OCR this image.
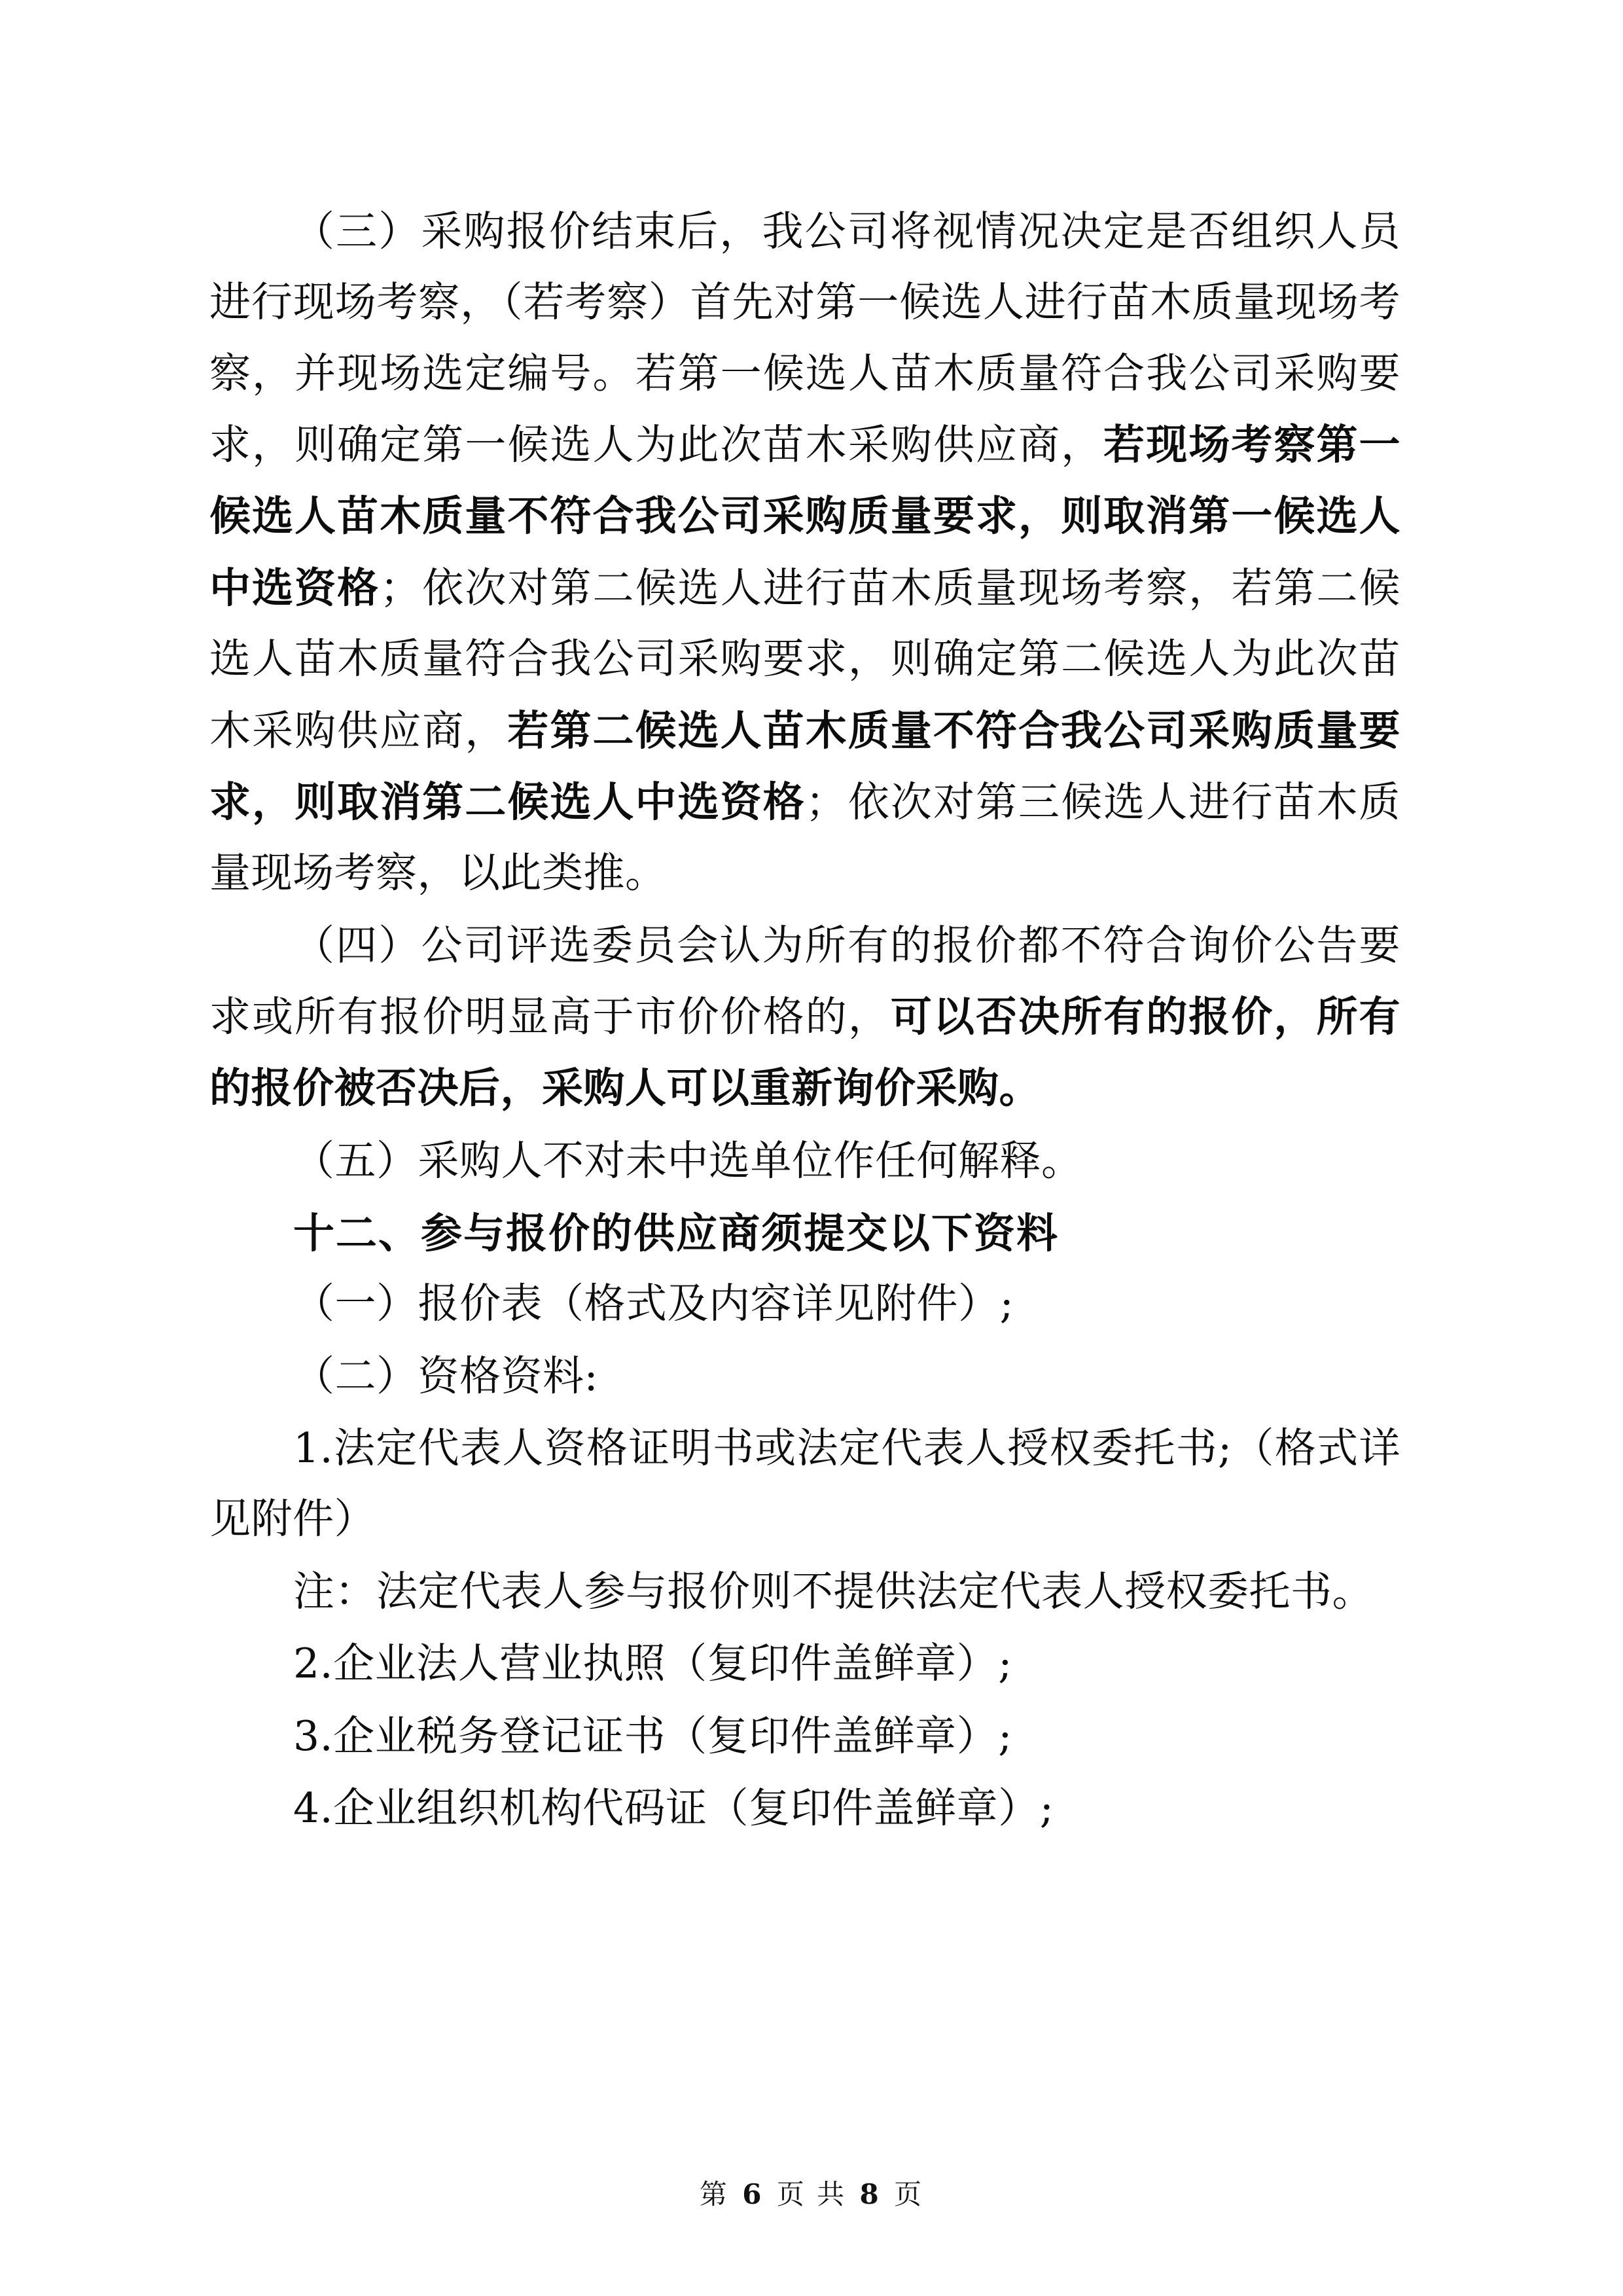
（三）采购报价结束后，我公司将视情况决定是否组织人员进行现场考察，（若考察）首先对第一候选人进行苗木质量现场考察，并现场选定编号。若第一候选人苗木质量符合我公司采购要求，则确定第一候选人为此次苗木采购供应商，若现场考察第一候选人苗木质量不符合我公司采购质量要求，则取消第一候选人中选资格；依次对第二候选人进行苗木质量现场考察，若第二候选人苗木质量符合我公司采购要求，则确定第二候选人为此次苗木采购供应商，若第二候选人苗木质量不符合我公司采购质量要求，则取消第二候选人中选资格；依次对第三候选人进行苗木质量现场考察，以此类推。

（四）公司评选委员会认为所有的报价都不符合询价公告要求或所有报价明显高于市价价格的，可以否决所有的报价，所有的报价被否决后，采购人可以重新询价采购。

（五）采购人不对未中选单位作任何解释。

十二、参与报价的供应商须提交以下资料

（一）报价表（格式及内容详见附件）;

（二）资格资料:

1.法定代表人资格证明书或法定代表人授权委托书;（格式详见附件）

注：法定代表人参与报价则不提供法定代表人授权委托书。

2.企业法人营业执照（复印件盖鲜章）;

3.企业税务登记证书（复印件盖鲜章）;

4.企业组织机构代码证（复印件盖鲜章）;

第 6 页 共 8 页
